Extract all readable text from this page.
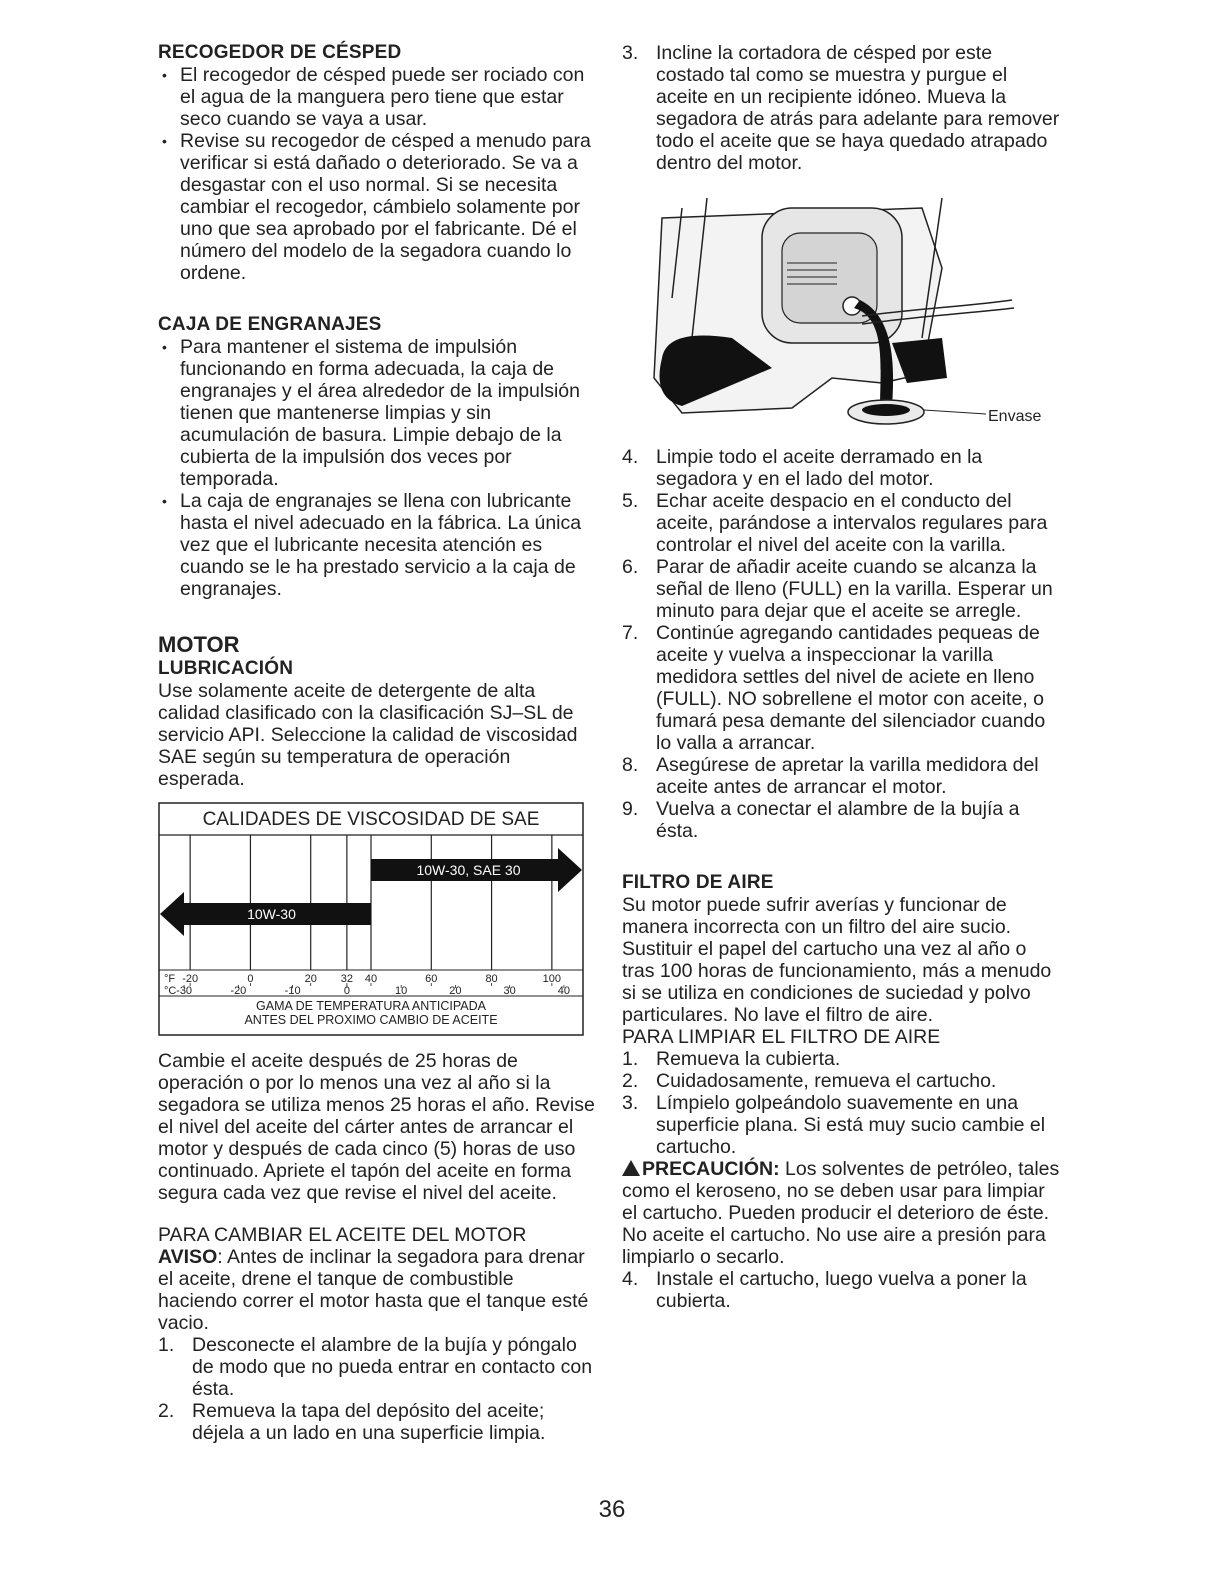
RECOGEDOR DE CÉSPED
• El recogedor de césped puede ser rociado con el agua de la manguera pero tiene que estar seco cuando se vaya a usar.
• Revise su recogedor de césped a menudo para verificar si está dañado o deteriorado. Se va a desgastar con el uso normal. Si se necesita cambiar el recogedor, cámbielo solamente por uno que sea aprobado por el fabricante. Dé el número del modelo de la segadora cuando lo ordene.
CAJA DE ENGRANAJES
• Para mantener el sistema de impulsión funcionando en forma adecuada, la caja de engranajes y el área alrededor de la impulsión tienen que mantenerse limpias y sin acumulación de basura. Limpie debajo de la cubierta de la impulsión dos veces por temporada.
• La caja de engranajes se llena con lubricante hasta el nivel adecuado en la fábrica. La única vez que el lubricante necesita atención es cuando se le ha prestado servicio a la caja de engranajes.
MOTOR
LUBRICACIÓN

Use solamente aceite de detergente de alta calidad clasificado con la clasificación SJ–SL de servicio API. Seleccione la calidad de viscosidad SAE según su temperatura de operación esperada.

CALIDADES DE VISCOSIDAD DE SAE
10W-30
10W-30, SAE 30
°F
°C
-20	0	20 32 40	60	80	100
-30	-20	-10	0	10	20	30	40
GAMA DE TEMPERATURA ANTICIPADA
ANTES DEL PROXIMO CAMBIO DE ACEITE

Cambie el aceite después de 25 horas de operación o por lo menos una vez al año si la segadora se utiliza menos 25 horas el año. Revise el nivel del aceite del cárter antes de arrancar el motor y después de cada cinco (5) horas de uso continuado. Apriete el tapón del aceite en forma segura cada vez que revise el nivel del aceite.

PARA CAMBIAR EL ACEITE DEL MOTOR

AVISO: Antes de inclinar la segadora para drenar el aceite, drene el tanque de combustible haciendo correr el motor hasta que el tanque esté vacio.

1. Desconecte el alambre de la bujía y póngalo de modo que no pueda entrar en contacto con ésta.
2. Remueva la tapa del depósito del aceite; déjela a un lado en una superficie limpia.
3. Incline la cortadora de césped por este costado tal como se muestra y purgue el aceite en un recipiente idóneo. Mueva la segadora de atrás para adelante para remover todo el aceite que se haya quedado atrapado dentro del motor.
Envase
4. Limpie todo el aceite derramado en la segadora y en el lado del motor.
5. Echar aceite despacio en el conducto del aceite, parándose a intervalos regulares para controlar el nivel del aceite con la varilla.
6. Parar de añadir aceite cuando se alcanza la señal de lleno (FULL) en la varilla. Esperar un minuto para dejar que el aceite se arregle.
7. Continúe agregando cantidades pequeas de aceite y vuelva a inspeccionar la varilla medidora settles del nivel de aciete en lleno (FULL). NO sobrellene el motor con aceite, o fumará pesa demante del silenciador cuando lo valla a arrancar.
8. Asegúrese de apretar la varilla medidora del aceite antes de arrancar el motor.
9. Vuelva a conectar el alambre de la bujía a ésta.
FILTRO DE AIRE

Su motor puede sufrir averías y funcionar de manera incorrecta con un filtro del aire sucio. Sustituir el papel del cartucho una vez al año o tras 100 horas de funcionamiento, más a menudo si se utiliza en condiciones de suciedad y polvo particulares. No lave el filtro de aire.

PARA LIMPIAR EL FILTRO DE AIRE

1. Remueva la cubierta.
2. Cuidadosamente, remueva el cartucho.
3. Límpielo golpeándolo suavemente en una superficie plana. Si está muy sucio cambie el cartucho.

PRECAUCIÓN: Los solventes de petróleo, tales como el keroseno, no se deben usar para limpiar el cartucho. Pueden producir el deterioro de éste. No aceite el cartucho. No use aire a presión para limpiarlo o secarlo.

4. Instale el cartucho, luego vuelva a poner la cubierta.
36
